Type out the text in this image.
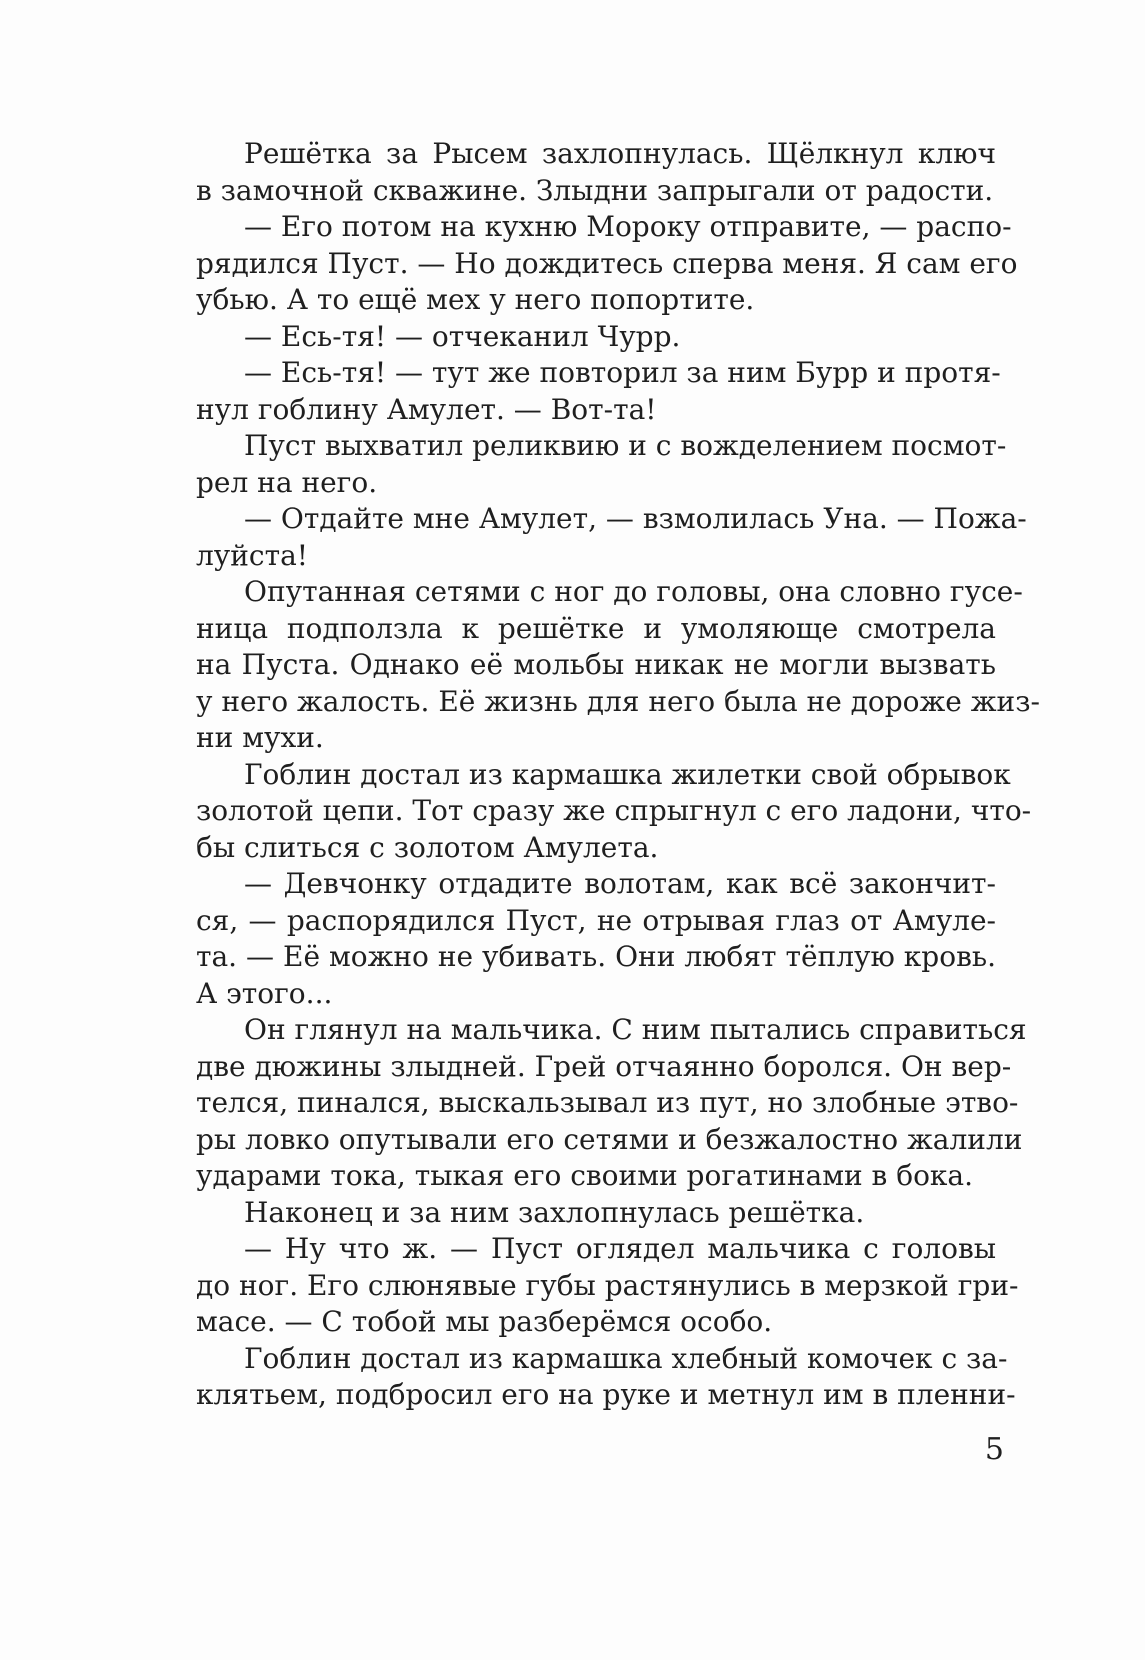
Решётка за Рысем захлопнулась. Щёлкнул ключ
в замочной скважине. Злыдни запрыгали от радости.
— Его потом на кухню Мороку отправите, — распо-
рядился Пуст. — Но дождитесь сперва меня. Я сам его
убью. А то ещё мех у него попортите.
— Есь-тя! — отчеканил Чурр.
— Есь-тя! — тут же повторил за ним Бурр и протя-
нул гоблину Амулет. — Вот-та!
Пуст выхватил реликвию и с вожделением посмот-
рел на него.
— Отдайте мне Амулет, — взмолилась Уна. — Пожа-
луйста!
Опутанная сетями с ног до головы, она словно гусе-
ница подползла к решётке и умоляюще смотрела
на Пуста. Однако её мольбы никак не могли вызвать
у него жалость. Её жизнь для него была не дороже жиз-
ни мухи.
Гоблин достал из кармашка жилетки свой обрывок
золотой цепи. Тот сразу же спрыгнул с его ладони, что-
бы слиться с золотом Амулета.
— Девчонку отдадите волотам, как всё закончит-
ся, — распорядился Пуст, не отрывая глаз от Амуле-
та. — Её можно не убивать. Они любят тёплую кровь.
А этого...
Он глянул на мальчика. С ним пытались справиться
две дюжины злыдней. Грей отчаянно боролся. Он вер-
телся, пинался, выскальзывал из пут, но злобные этво-
ры ловко опутывали его сетями и безжалостно жалили
ударами тока, тыкая его своими рогатинами в бока.
Наконец и за ним захлопнулась решётка.
— Ну что ж. — Пуст оглядел мальчика с головы
до ног. Его слюнявые губы растянулись в мерзкой гри-
масе. — С тобой мы разберёмся особо.
Гоблин достал из кармашка хлебный комочек с за-
клятьем, подбросил его на руке и метнул им в пленни-
5
